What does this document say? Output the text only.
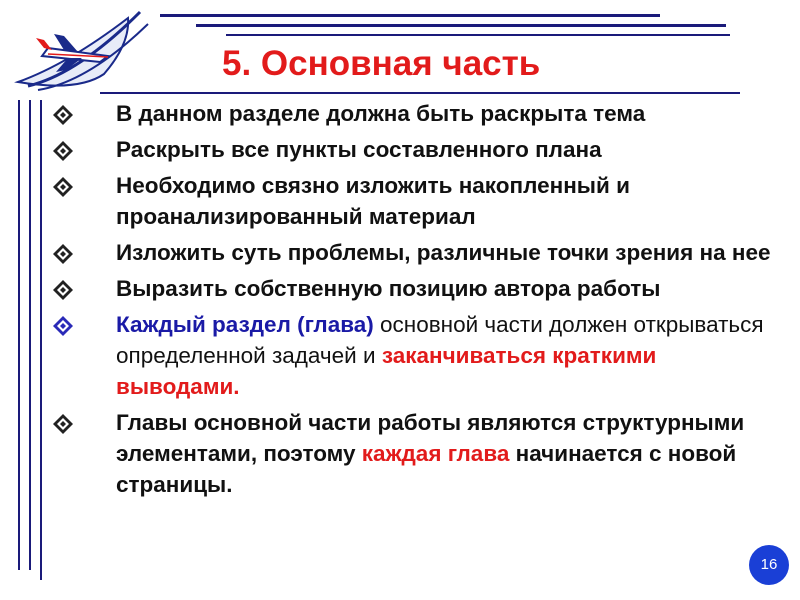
5. Основная часть
В данном разделе должна быть раскрыта тема
Раскрыть все пункты составленного плана
Необходимо связно изложить накопленный и проанализированный материал
Изложить суть проблемы, различные точки зрения на нее
Выразить собственную позицию автора работы
Каждый раздел (глава) основной части должен открываться определенной задачей и заканчиваться краткими выводами.
Главы основной части работы являются структурными элементами, поэтому каждая глава начинается с новой страницы.
16
